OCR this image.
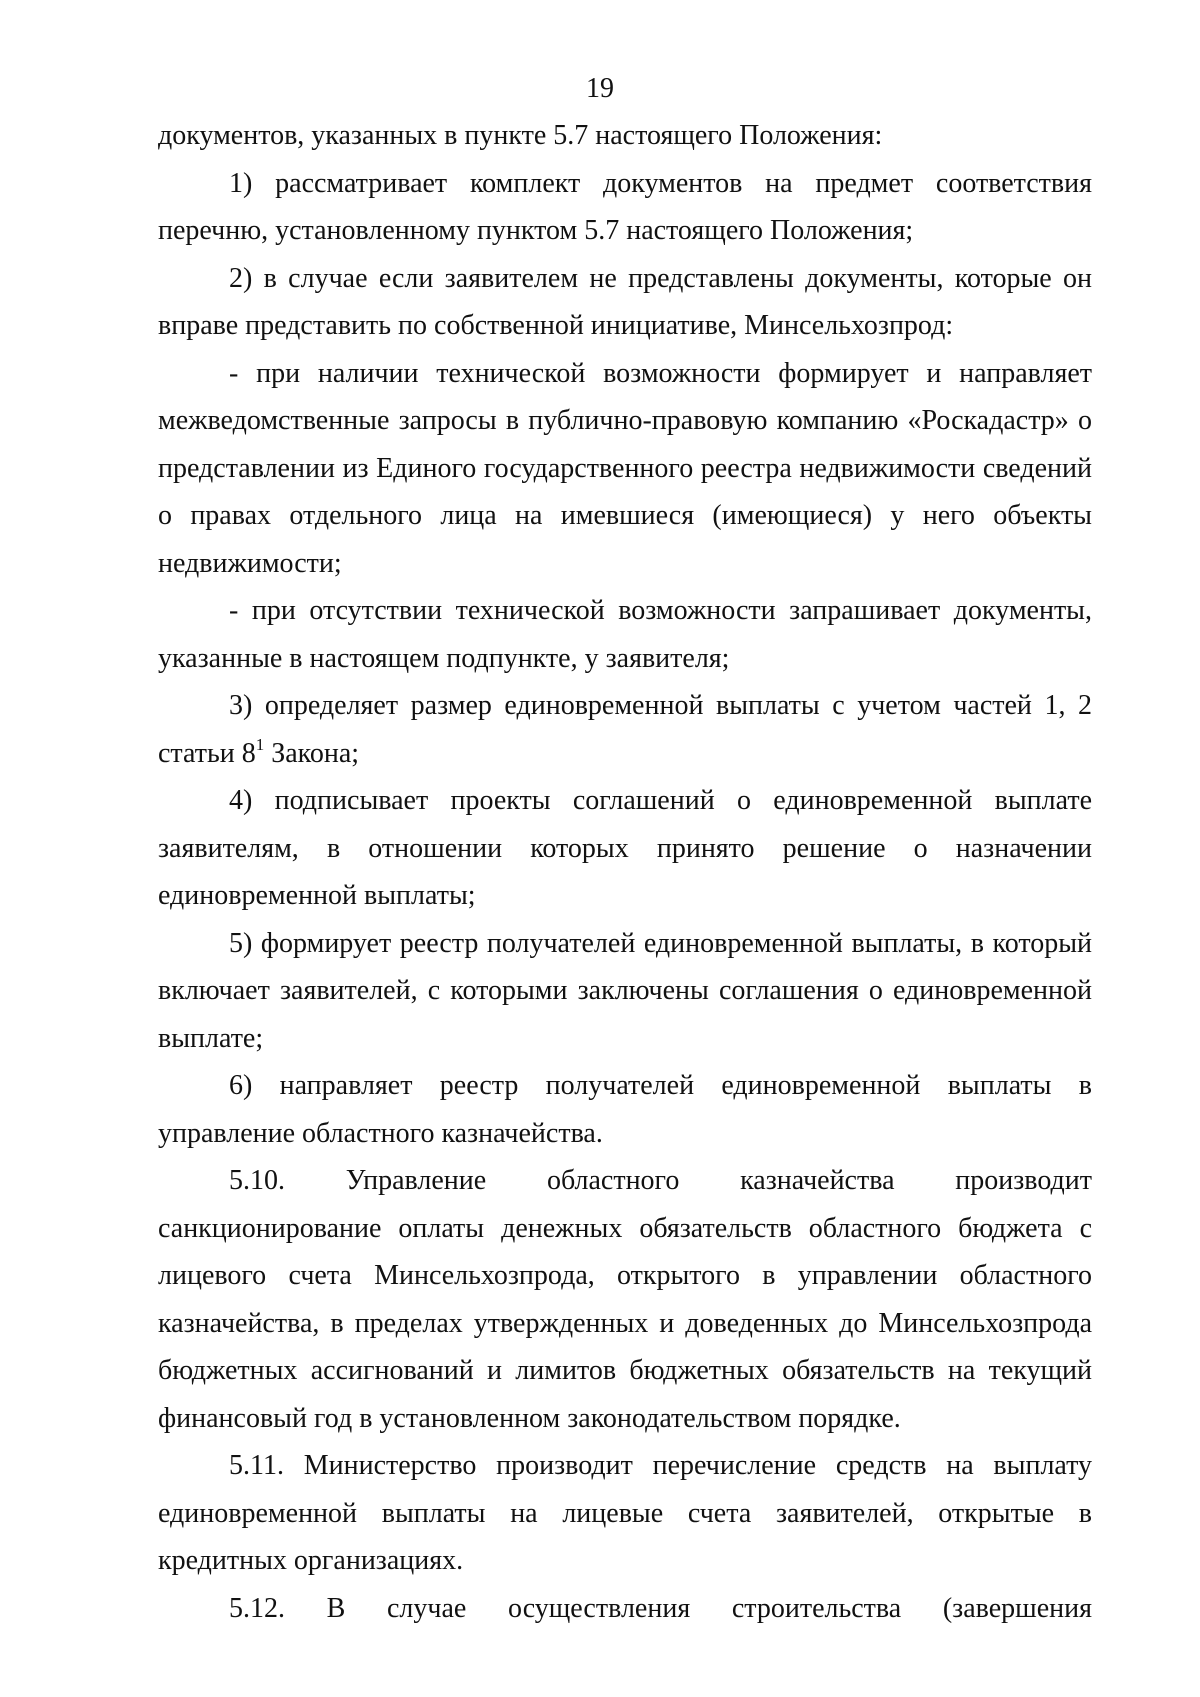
19

документов, указанных в пункте 5.7 настоящего Положения:

1) рассматривает комплект документов на предмет соответствия перечню, установленному пунктом 5.7 настоящего Положения;

2) в случае если заявителем не представлены документы, которые он вправе представить по собственной инициативе, Минсельхозпрод:

- при наличии технической возможности формирует и направляет межведомственные запросы в публично-правовую компанию «Роскадастр» о представлении из Единого государственного реестра недвижимости сведений о правах отдельного лица на имевшиеся (имеющиеся) у него объекты недвижимости;

- при отсутствии технической возможности запрашивает документы, указанные в настоящем подпункте, у заявителя;

3) определяет размер единовременной выплаты с учетом частей 1, 2 статьи $8^1$ Закона;

4) подписывает проекты соглашений о единовременной выплате заявителям, в отношении которых принято решение о назначении единовременной выплаты;

5) формирует реестр получателей единовременной выплаты, в который включает заявителей, с которыми заключены соглашения о единовременной выплате;

6) направляет реестр получателей единовременной выплаты в управление областного казначейства.

5.10. Управление областного казначейства производит санкционирование оплаты денежных обязательств областного бюджета с лицевого счета Минсельхозпрода, открытого в управлении областного казначейства, в пределах утвержденных и доведенных до Минсельхозпрода бюджетных ассигнований и лимитов бюджетных обязательств на текущий финансовый год в установленном законодательством порядке.

5.11. Министерство производит перечисление средств на выплату единовременной выплаты на лицевые счета заявителей, открытые в кредитных организациях.

5.12. В случае осуществления строительства (завершения
